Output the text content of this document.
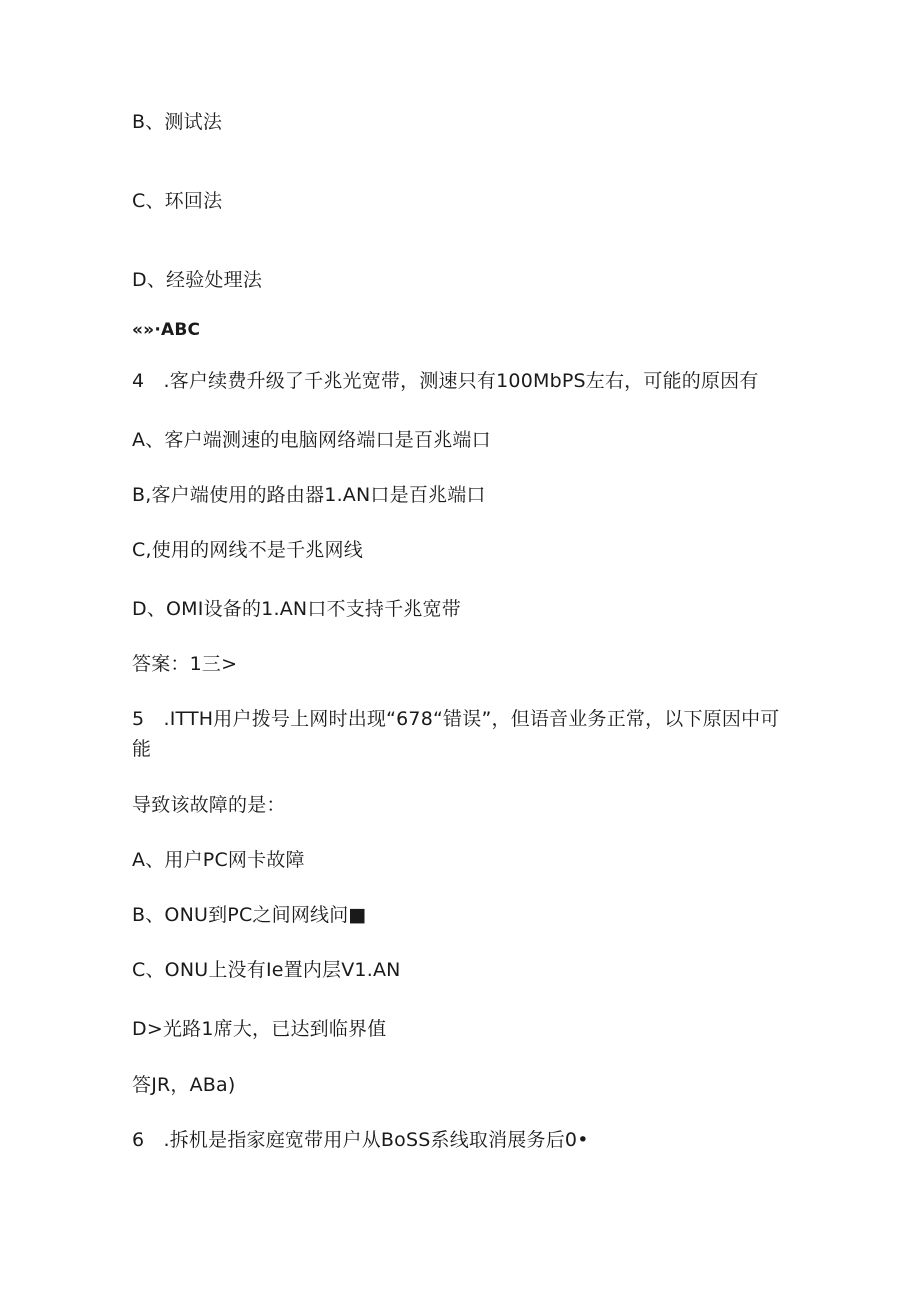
B、测试法
C、环回法
D、经验处理法
«»·ABC
4　.客户续费升级了千兆光宽带，测速只有100MbPS左右，可能的原因有
A、客户端测速的电脑网络端口是百兆端口
B,客户端使用的路由器1.AN口是百兆端口
C,使用的网线不是千兆网线
D、OMI设备的1.AN口不支持千兆宽带
答案：1三>
5　.ITTH用户拨号上网时出现“678“错误”，但语音业务正常，以下原因中可
能
导致该故障的是：
A、用户PC网卡故障
B、ONU到PC之间网线问■
C、ONU上没有Ie置内层V1.AN
D>光路1席大，已达到临界值
答JR，ABa)
6　.拆机是指家庭宽带用户从BoSS系线取消展务后0•
